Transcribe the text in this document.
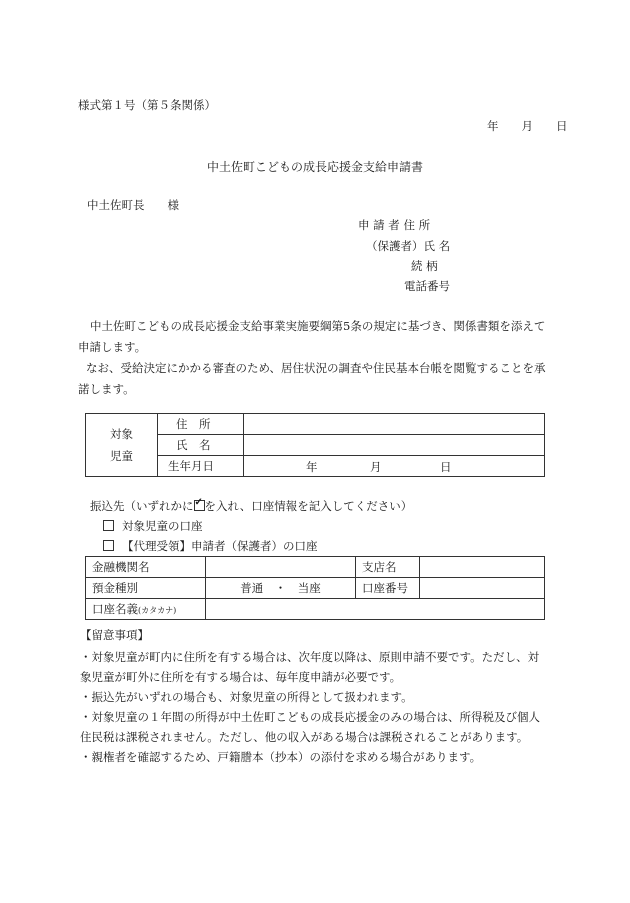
様式第１号（第５条関係）
年　　月　　日
中土佐町こどもの成長応援金支給申請書
中土佐町長　　様
申 請 者 住 所
（保護者）氏 名
続 柄
電話番号
中土佐町こどもの成長応援金支給事業実施要綱第5条の規定に基づき、関係書類を添えて申請します。
なお、受給決定にかかる審査のため、居住状況の調査や住民基本台帳を閲覧することを承諾します。
対象
児童	住　所	
	氏　名	
	生年月日	年 月 日
振込先（いずれかに ✓ を入れ、口座情報を記入してください）
対象児童の口座
【代理受領】申請者（保護者）の口座
金融機関名		支店名	
預金種別	普通　・　当座	口座番号	
口座名義(カタカナ)			
【留意事項】
・対象児童が町内に住所を有する場合は、次年度以降は、原則申請不要です。ただし、対象児童が町外に住所を有する場合は、毎年度申請が必要です。
・振込先がいずれの場合も、対象児童の所得として扱われます。
・対象児童の１年間の所得が中土佐町こどもの成長応援金のみの場合は、所得税及び個人住民税は課税されません。ただし、他の収入がある場合は課税されることがあります。
・親権者を確認するため、戸籍謄本（抄本）の添付を求める場合があります。
